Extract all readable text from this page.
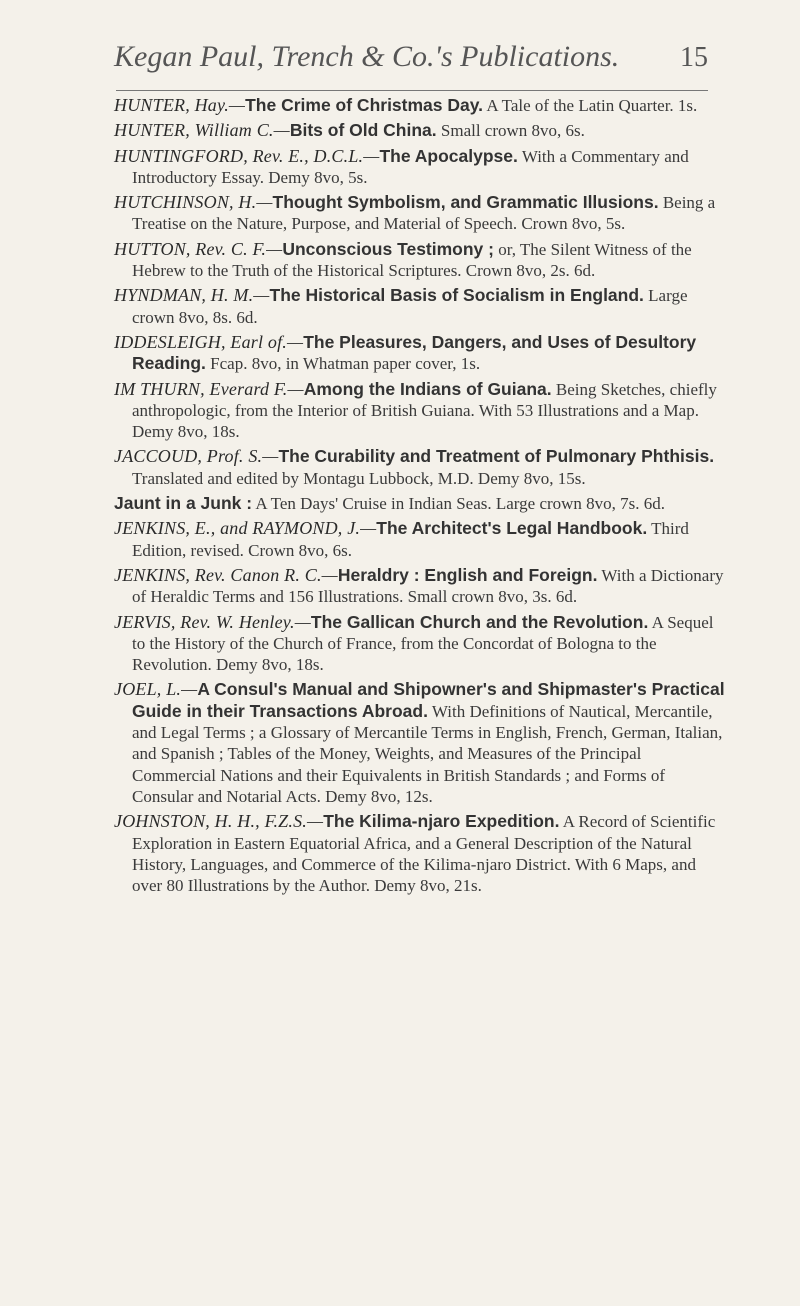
Kegan Paul, Trench & Co.'s Publications. 15

HUNTER, Hay.—The Crime of Christmas Day. A Tale of the Latin Quarter. 1s.

HUNTER, William C.—Bits of Old China. Small crown 8vo, 6s.

HUNTINGFORD, Rev. E., D.C.L.—The Apocalypse. With a Commentary and Introductory Essay. Demy 8vo, 5s.

HUTCHINSON, H.—Thought Symbolism, and Grammatic Illusions. Being a Treatise on the Nature, Purpose, and Material of Speech. Crown 8vo, 5s.

HUTTON, Rev. C. F.—Unconscious Testimony ; or, The Silent Witness of the Hebrew to the Truth of the Historical Scriptures. Crown 8vo, 2s. 6d.

HYNDMAN, H. M.—The Historical Basis of Socialism in England. Large crown 8vo, 8s. 6d.

IDDESLEIGH, Earl of.—The Pleasures, Dangers, and Uses of Desultory Reading. Fcap. 8vo, in Whatman paper cover, 1s.

IM THURN, Everard F.—Among the Indians of Guiana. Being Sketches, chiefly anthropologic, from the Interior of British Guiana. With 53 Illustrations and a Map. Demy 8vo, 18s.

JACCOUD, Prof. S.—The Curability and Treatment of Pulmonary Phthisis. Translated and edited by Montagu Lubbock, M.D. Demy 8vo, 15s.

Jaunt in a Junk : A Ten Days' Cruise in Indian Seas. Large crown 8vo, 7s. 6d.

JENKINS, E., and RAYMOND, J.—The Architect's Legal Handbook. Third Edition, revised. Crown 8vo, 6s.

JENKINS, Rev. Canon R. C.—Heraldry : English and Foreign. With a Dictionary of Heraldic Terms and 156 Illustrations. Small crown 8vo, 3s. 6d.

JERVIS, Rev. W. Henley.—The Gallican Church and the Revolution. A Sequel to the History of the Church of France, from the Concordat of Bologna to the Revolution. Demy 8vo, 18s.

JOEL, L.—A Consul's Manual and Shipowner's and Shipmaster's Practical Guide in their Transactions Abroad. With Definitions of Nautical, Mercantile, and Legal Terms ; a Glossary of Mercantile Terms in English, French, German, Italian, and Spanish ; Tables of the Money, Weights, and Measures of the Principal Commercial Nations and their Equivalents in British Standards ; and Forms of Consular and Notarial Acts. Demy 8vo, 12s.

JOHNSTON, H. H., F.Z.S.—The Kilima-njaro Expedition. A Record of Scientific Exploration in Eastern Equatorial Africa, and a General Description of the Natural History, Languages, and Commerce of the Kilima-njaro District. With 6 Maps, and over 80 Illustrations by the Author. Demy 8vo, 21s.
